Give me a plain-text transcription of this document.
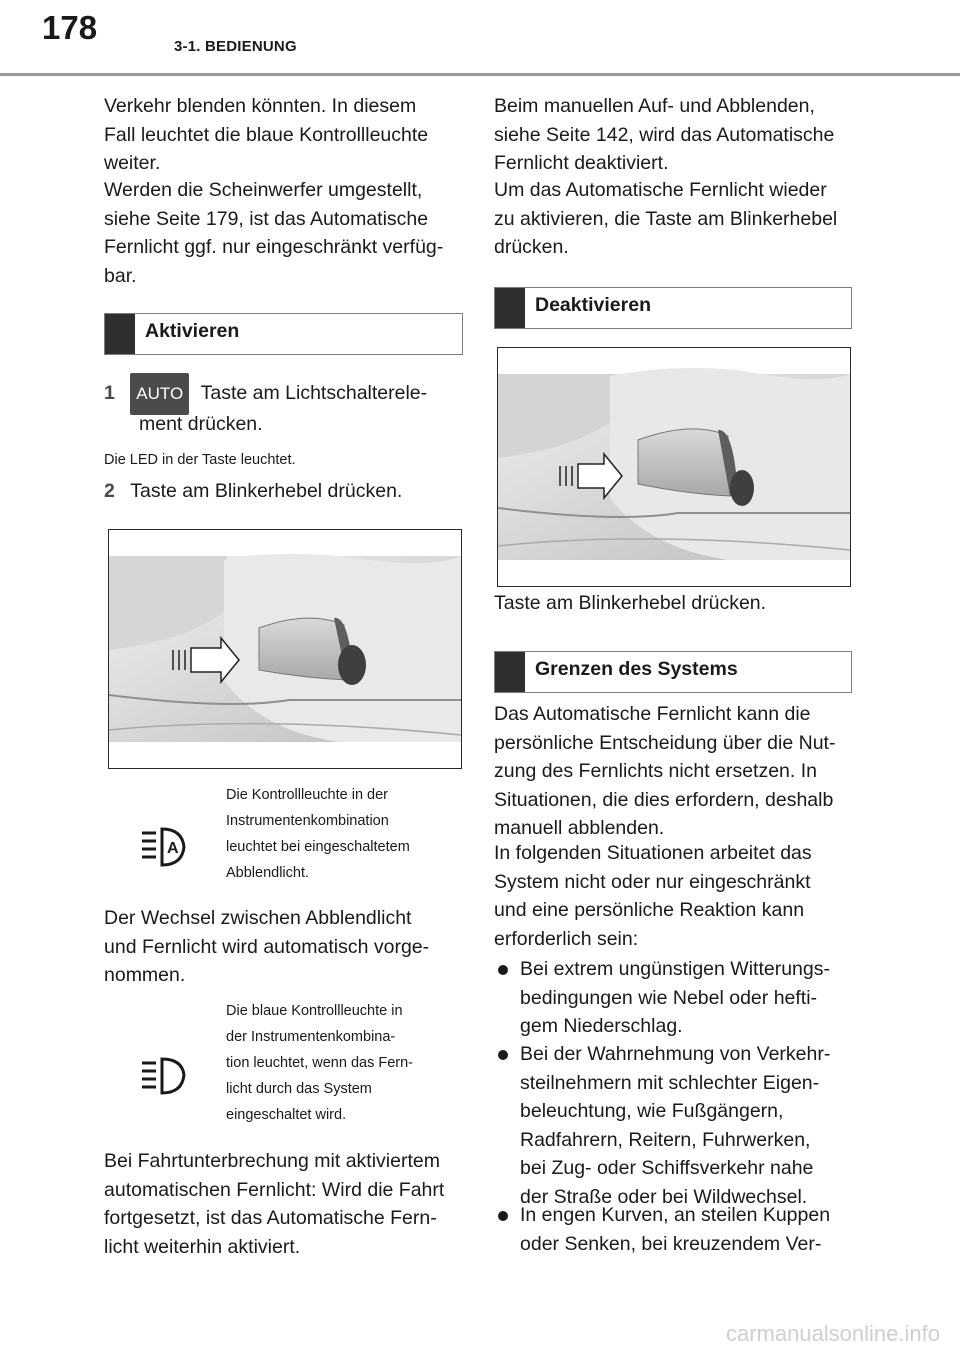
178
3-1. BEDIENUNG

Verkehr blenden könnten. In diesem

Fall leuchtet die blaue Kontrollleuchte

weiter.

Werden die Scheinwerfer umgestellt,

siehe Seite 179, ist das Automatische

Fernlicht ggf. nur eingeschränkt verfüg-

bar.

Aktivieren
1 AUTO Taste am Lichtschalterele-
ment drücken.
Die LED in der Taste leuchtet.
2 Taste am Blinkerhebel drücken.
A

Die Kontrollleuchte in der

Instrumentenkombination

leuchtet bei eingeschaltetem

Abblendlicht.

Der Wechsel zwischen Abblendlicht

und Fernlicht wird automatisch vorge-

nommen.

Die blaue Kontrollleuchte in

der Instrumentenkombina-

tion leuchtet, wenn das Fern-

licht durch das System

eingeschaltet wird.

Bei Fahrtunterbrechung mit aktiviertem

automatischen Fernlicht: Wird die Fahrt

fortgesetzt, ist das Automatische Fern-

licht weiterhin aktiviert.

Beim manuellen Auf- und Abblenden,

siehe Seite 142, wird das Automatische

Fernlicht deaktiviert.

Um das Automatische Fernlicht wieder

zu aktivieren, die Taste am Blinkerhebel

drücken.

Deaktivieren
Taste am Blinkerhebel drücken.
Grenzen des Systems

Das Automatische Fernlicht kann die

persönliche Entscheidung über die Nut-

zung des Fernlichts nicht ersetzen. In

Situationen, die dies erfordern, deshalb

manuell abblenden.

In folgenden Situationen arbeitet das

System nicht oder nur eingeschränkt

und eine persönliche Reaktion kann

erforderlich sein:

Bei extrem ungünstigen Witterungs-

bedingungen wie Nebel oder hefti-

gem Niederschlag.

Bei der Wahrnehmung von Verkehr-

steilnehmern mit schlechter Eigen-

beleuchtung, wie Fußgängern,

Radfahrern, Reitern, Fuhrwerken,

bei Zug- oder Schiffsverkehr nahe

der Straße oder bei Wildwechsel.

In engen Kurven, an steilen Kuppen

oder Senken, bei kreuzendem Ver-

carmanualsonline.info
